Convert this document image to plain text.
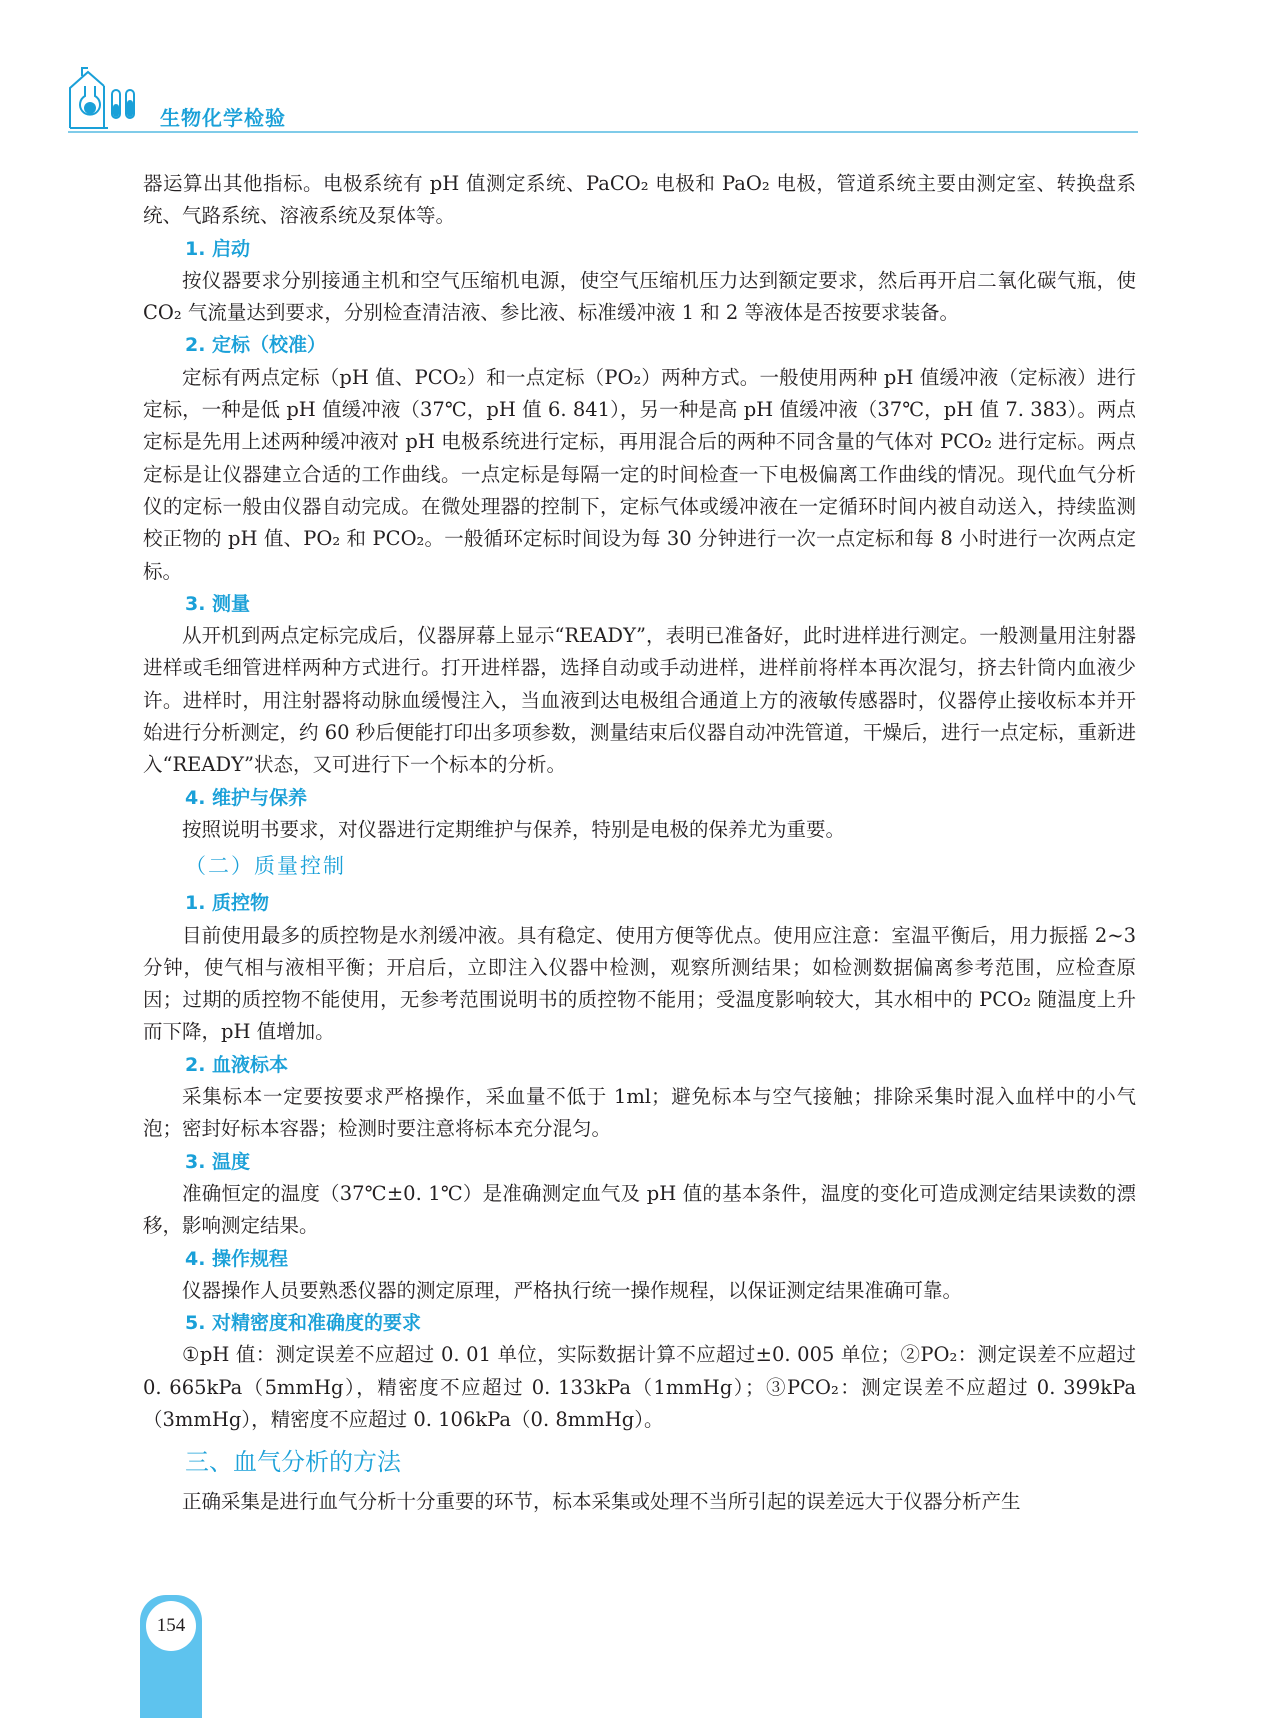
生物化学检验

器运算出其他指标。电极系统有 pH 值测定系统、PaCO₂ 电极和 PaO₂ 电极，管道系统主要由测定室、转换盘系统、气路系统、溶液系统及泵体等。

1. 启动

按仪器要求分别接通主机和空气压缩机电源，使空气压缩机压力达到额定要求，然后再开启二氧化碳气瓶，使 CO₂ 气流量达到要求，分别检查清洁液、参比液、标准缓冲液 1 和 2 等液体是否按要求装备。

2. 定标（校准）

定标有两点定标（pH 值、PCO₂）和一点定标（PO₂）两种方式。一般使用两种 pH 值缓冲液（定标液）进行定标，一种是低 pH 值缓冲液（37℃，pH 值 6. 841），另一种是高 pH 值缓冲液（37℃，pH 值 7. 383）。两点定标是先用上述两种缓冲液对 pH 电极系统进行定标，再用混合后的两种不同含量的气体对 PCO₂ 进行定标。两点定标是让仪器建立合适的工作曲线。一点定标是每隔一定的时间检查一下电极偏离工作曲线的情况。现代血气分析仪的定标一般由仪器自动完成。在微处理器的控制下，定标气体或缓冲液在一定循环时间内被自动送入，持续监测校正物的 pH 值、PO₂ 和 PCO₂。一般循环定标时间设为每 30 分钟进行一次一点定标和每 8 小时进行一次两点定标。

3. 测量

从开机到两点定标完成后，仪器屏幕上显示“READY”，表明已准备好，此时进样进行测定。一般测量用注射器进样或毛细管进样两种方式进行。打开进样器，选择自动或手动进样，进样前将样本再次混匀，挤去针筒内血液少许。进样时，用注射器将动脉血缓慢注入，当血液到达电极组合通道上方的液敏传感器时，仪器停止接收标本并开始进行分析测定，约 60 秒后便能打印出多项参数，测量结束后仪器自动冲洗管道，干燥后，进行一点定标，重新进入“READY”状态，又可进行下一个标本的分析。

4. 维护与保养

按照说明书要求，对仪器进行定期维护与保养，特别是电极的保养尤为重要。

（二）质量控制
1. 质控物

目前使用最多的质控物是水剂缓冲液。具有稳定、使用方便等优点。使用应注意：室温平衡后，用力振摇 2~3 分钟，使气相与液相平衡；开启后，立即注入仪器中检测，观察所测结果；如检测数据偏离参考范围，应检查原因；过期的质控物不能使用，无参考范围说明书的质控物不能用；受温度影响较大，其水相中的 PCO₂ 随温度上升而下降，pH 值增加。

2. 血液标本

采集标本一定要按要求严格操作，采血量不低于 1ml；避免标本与空气接触；排除采集时混入血样中的小气泡；密封好标本容器；检测时要注意将标本充分混匀。

3. 温度

准确恒定的温度（37℃±0. 1℃）是准确测定血气及 pH 值的基本条件，温度的变化可造成测定结果读数的漂移，影响测定结果。

4. 操作规程

仪器操作人员要熟悉仪器的测定原理，严格执行统一操作规程，以保证测定结果准确可靠。

5. 对精密度和准确度的要求

①pH 值：测定误差不应超过 0. 01 单位，实际数据计算不应超过±0. 005 单位；②PO₂：测定误差不应超过 0. 665kPa（5mmHg），精密度不应超过 0. 133kPa（1mmHg）；③PCO₂：测定误差不应超过 0. 399kPa（3mmHg），精密度不应超过 0. 106kPa（0. 8mmHg）。

三、血气分析的方法

正确采集是进行血气分析十分重要的环节，标本采集或处理不当所引起的误差远大于仪器分析产生

154
